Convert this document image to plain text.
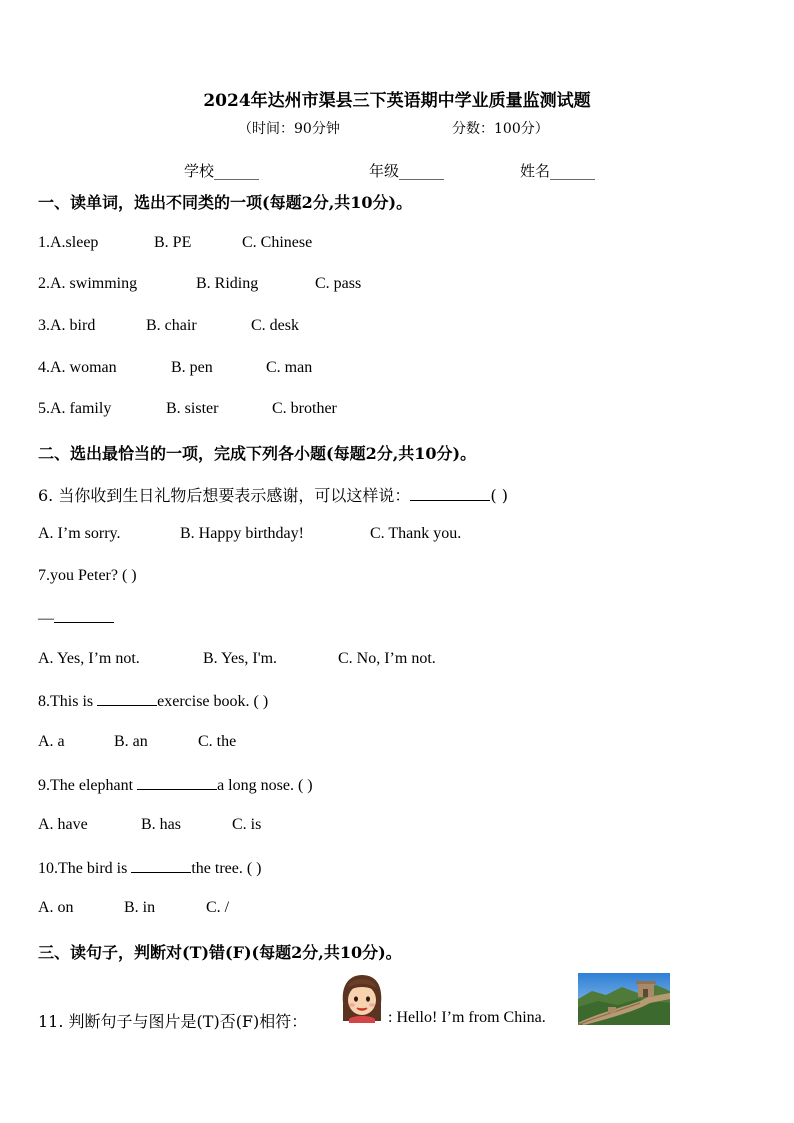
2024年达州市渠县三下英语期中学业质量监测试题
（时间：90分钟	分数：100分）
学校______	年级______	姓名______
一、读单词，选出不同类的一项(每题2分,共10分)。
1.A.sleep	B. PE	C. Chinese
2.A. swimming	B. Riding	C. pass
3.A. bird	B. chair	C. desk
4.A. woman	B. pen	C. man
5.A. family	B. sister	C. brother
二、选出最恰当的一项，完成下列各小题(每题2分,共10分)。
6. 当你收到生日礼物后想要表示感谢，可以这样说：	( )
A. I’m sorry.	B. Happy birthday!	C. Thank you.
7.you Peter? ( )
—
A. Yes, I’m not.	B. Yes, I'm.	C. No, I’m not.
8.This is	exercise book. ( )
A. a	B. an	C. the
9.The elephant	a long nose. ( )
A. have	B. has	C. is
10.The bird is	the tree. ( )
A. on	B. in	C. /
三、读句子，判断对(T)错(F)(每题2分,共10分)。
11. 判断句子与图片是(T)否(F)相符：	: Hello! I’m from China.
